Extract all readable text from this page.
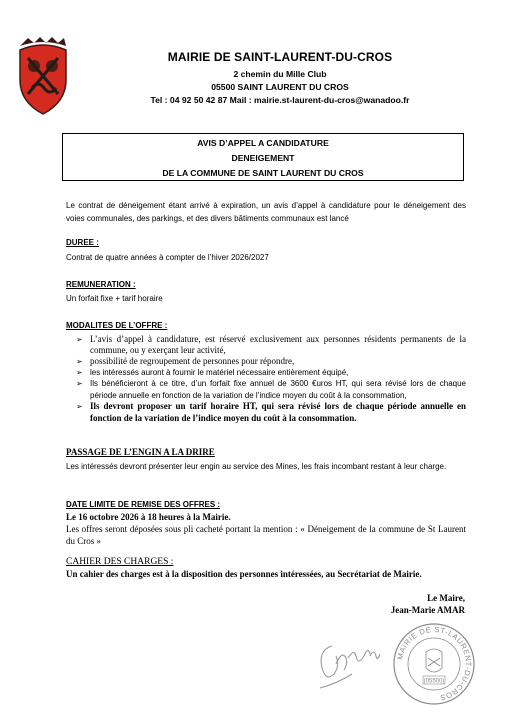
MAIRIE DE SAINT-LAURENT-DU-CROS
2 chemin du Mille Club
05500 SAINT LAURENT DU CROS
Tel : 04 92 50 42 87 Mail : mairie.st-laurent-du-cros@wanadoo.fr
AVIS D’APPEL A CANDIDATURE
DENEIGEMENT
DE LA COMMUNE DE SAINT LAURENT DU CROS
Le contrat de déneigement étant arrivé à expiration, un avis d’appel à candidature pour le déneigement des voies communales, des parkings, et des divers bâtiments communaux est lancé
DUREE :
Contrat de quatre années à compter de l’hiver 2026/2027
REMUNERATION :
Un forfait fixe + tarif horaire
MODALITES DE L’OFFRE :
➢ L’avis d’appel à candidature, est réservé exclusivement aux personnes résidents permanents de la commune, ou y exerçant leur activité,
➢ possibilité de regroupement de personnes pour répondre,
➢ les intéressés auront à fournir le matériel nécessaire entièrement équipé,
➢ Ils bénéficieront à ce titre, d’un forfait fixe annuel de 3600 €uros HT, qui sera révisé lors de chaque période annuelle en fonction de la variation de l’indice moyen du coût à la consommation,
➢ Ils devront proposer un tarif horaire HT, qui sera révisé lors de chaque période annuelle en fonction de la variation de l’indice moyen du coût à la consommation.
PASSAGE DE L’ENGIN A LA DRIRE
Les intéressés devront présenter leur engin au service des Mines, les frais incombant restant à leur charge.
DATE LIMITE DE REMISE DES OFFRES :
Le 16 octobre 2026 à 18 heures à la Mairie.
Les offres seront déposées sous pli cacheté portant la mention : « Déneigement de la commune de St Laurent du Cros »
CAHIER DES CHARGES :
Un cahier des charges est à la disposition des personnes intéressées, au Secrétariat de Mairie.
Le Maire,
Jean-Marie AMAR
MAIRIE DE ST-LAURENT-DU-CROS
(05500)
